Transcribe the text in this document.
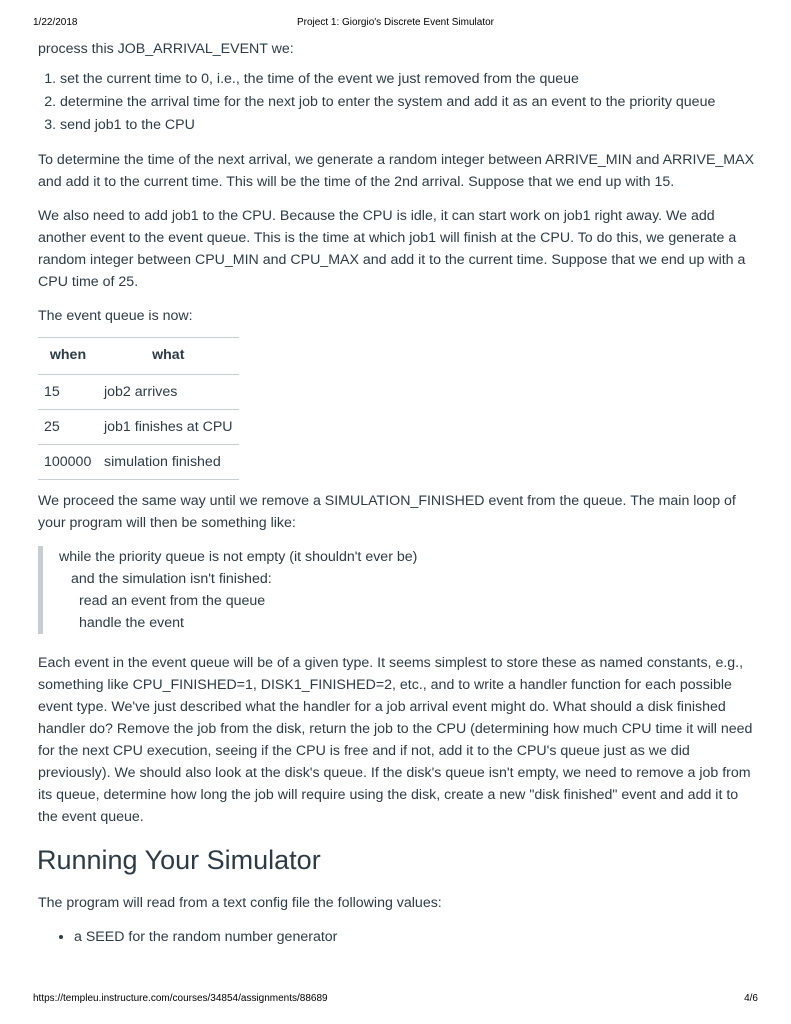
1/22/2018	Project 1: Giorgio's Discrete Event Simulator

process this JOB_ARRIVAL_EVENT we:

1. set the current time to 0, i.e., the time of the event we just removed from the queue
2. determine the arrival time for the next job to enter the system and add it as an event to the priority queue
3. send job1 to the CPU

To determine the time of the next arrival, we generate a random integer between ARRIVE_MIN and ARRIVE_MAX and add it to the current time. This will be the time of the 2nd arrival. Suppose that we end up with 15.

We also need to add job1 to the CPU. Because the CPU is idle, it can start work on job1 right away. We add another event to the event queue. This is the time at which job1 will finish at the CPU. To do this, we generate a random integer between CPU_MIN and CPU_MAX and add it to the current time. Suppose that we end up with a CPU time of 25.

The event queue is now:

when	what
15	job2 arrives
25	job1 finishes at CPU
100000	simulation finished

We proceed the same way until we remove a SIMULATION_FINISHED event from the queue. The main loop of your program will then be something like:

while the priority queue is not empty (it shouldn't ever be)
and the simulation isn't finished:
read an event from the queue
handle the event

Each event in the event queue will be of a given type. It seems simplest to store these as named constants, e.g., something like CPU_FINISHED=1, DISK1_FINISHED=2, etc., and to write a handler function for each possible event type. We've just described what the handler for a job arrival event might do. What should a disk finished handler do? Remove the job from the disk, return the job to the CPU (determining how much CPU time it will need for the next CPU execution, seeing if the CPU is free and if not, add it to the CPU's queue just as we did previously). We should also look at the disk's queue. If the disk's queue isn't empty, we need to remove a job from its queue, determine how long the job will require using the disk, create a new "disk finished" event and add it to the event queue.

Running Your Simulator

The program will read from a text config file the following values:

• a SEED for the random number generator
https://templeu.instructure.com/courses/34854/assignments/88689	4/6
